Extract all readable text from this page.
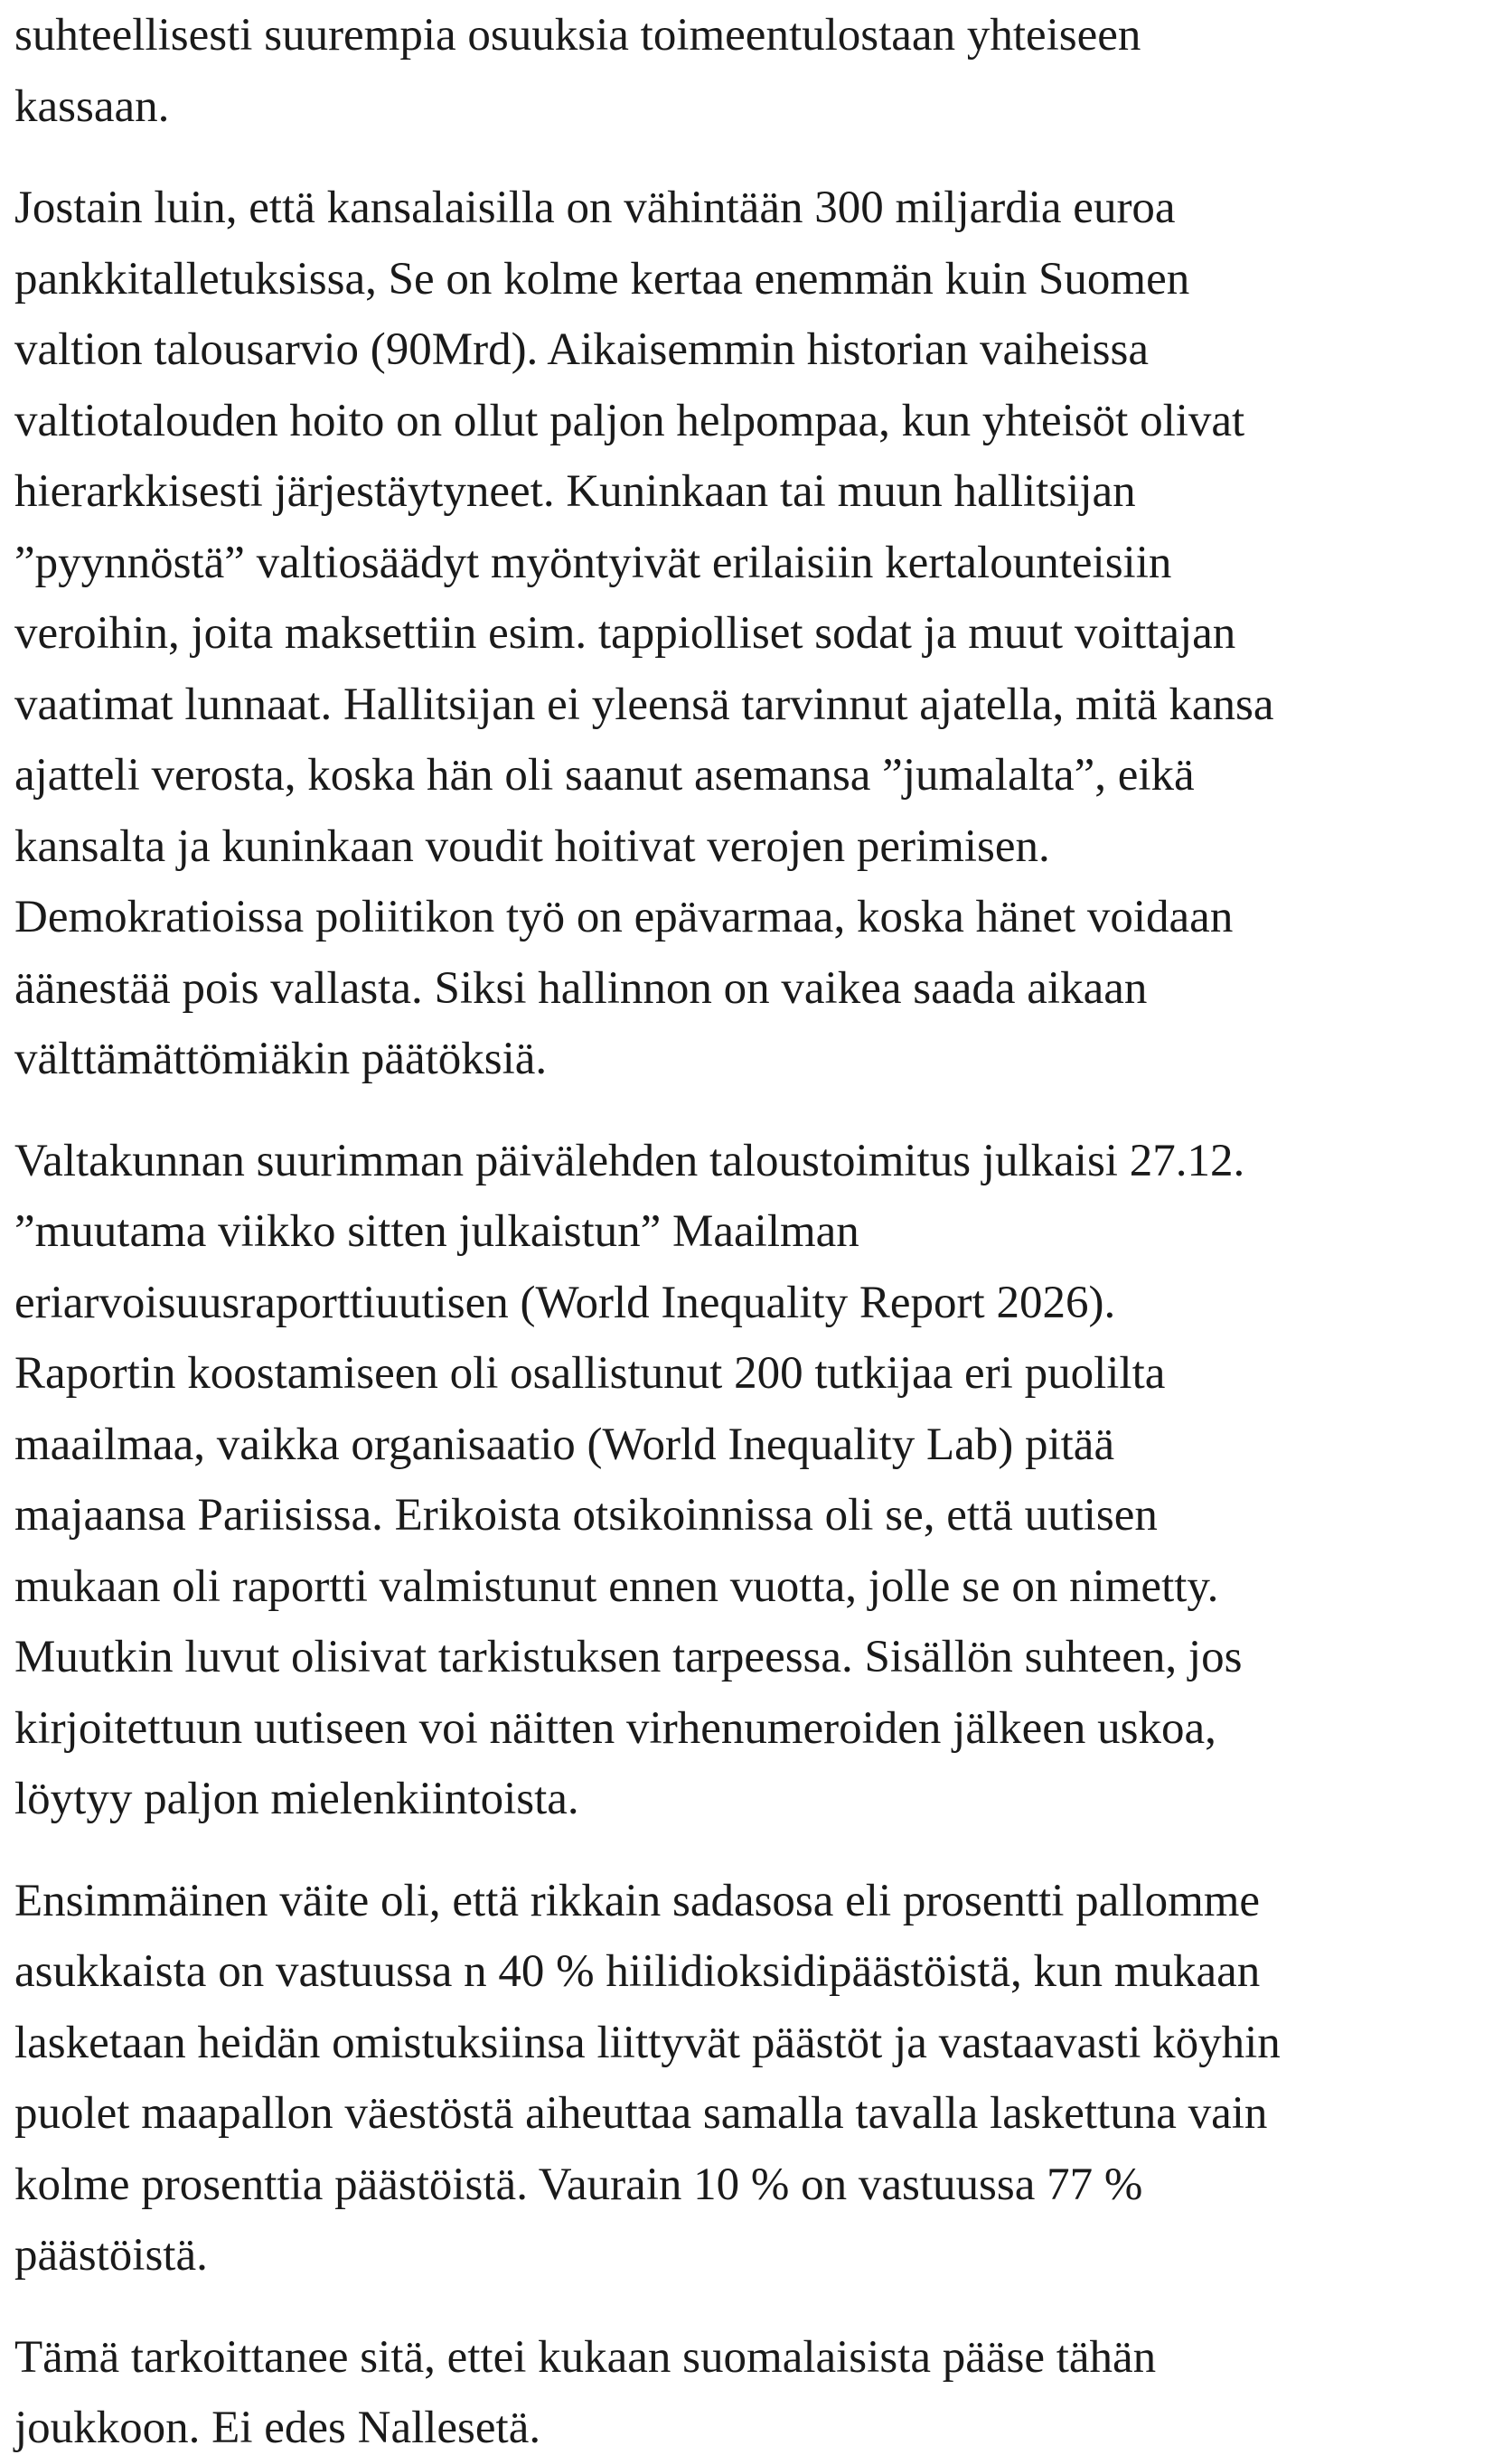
suhteellisesti suurempia osuuksia toimeentulostaan yhteiseen
kassaan.

Jostain luin, että kansalaisilla on vähintään 300 miljardia euroa
pankkitalletuksissa, Se on kolme kertaa enemmän kuin Suomen
valtion talousarvio (90Mrd). Aikaisemmin historian vaiheissa
valtiotalouden hoito on ollut paljon helpompaa, kun yhteisöt olivat
hierarkkisesti järjestäytyneet. Kuninkaan tai muun hallitsijan
”pyynnöstä” valtiosäädyt myöntyivät erilaisiin kertalounteisiin
veroihin, joita maksettiin esim. tappiolliset sodat ja muut voittajan
vaatimat lunnaat. Hallitsijan ei yleensä tarvinnut ajatella, mitä kansa
ajatteli verosta, koska hän oli saanut asemansa ”jumalalta”, eikä
kansalta ja kuninkaan voudit hoitivat verojen perimisen.
Demokratioissa poliitikon työ on epävarmaa, koska hänet voidaan
äänestää pois vallasta. Siksi hallinnon on vaikea saada aikaan
välttämättömiäkin päätöksiä.

Valtakunnan suurimman päivälehden taloustoimitus julkaisi 27.12.
”muutama viikko sitten julkaistun” Maailman
eriarvoisuusraporttiuutisen (World Inequality Report 2026).
Raportin koostamiseen oli osallistunut 200 tutkijaa eri puolilta
maailmaa, vaikka organisaatio (World Inequality Lab) pitää
majaansa Pariisissa. Erikoista otsikoinnissa oli se, että uutisen
mukaan oli raportti valmistunut ennen vuotta, jolle se on nimetty.
Muutkin luvut olisivat tarkistuksen tarpeessa. Sisällön suhteen, jos
kirjoitettuun uutiseen voi näitten virhenumeroiden jälkeen uskoa,
löytyy paljon mielenkiintoista.

Ensimmäinen väite oli, että rikkain sadasosa eli prosentti pallomme
asukkaista on vastuussa n 40 % hiilidioksidipäästöistä, kun mukaan
lasketaan heidän omistuksiinsa liittyvät päästöt ja vastaavasti köyhin
puolet maapallon väestöstä aiheuttaa samalla tavalla laskettuna vain
kolme prosenttia päästöistä. Vaurain 10 % on vastuussa 77 %
päästöistä.

Tämä tarkoittanee sitä, ettei kukaan suomalaisista pääse tähän
joukkoon. Ei edes Nallesetä.
